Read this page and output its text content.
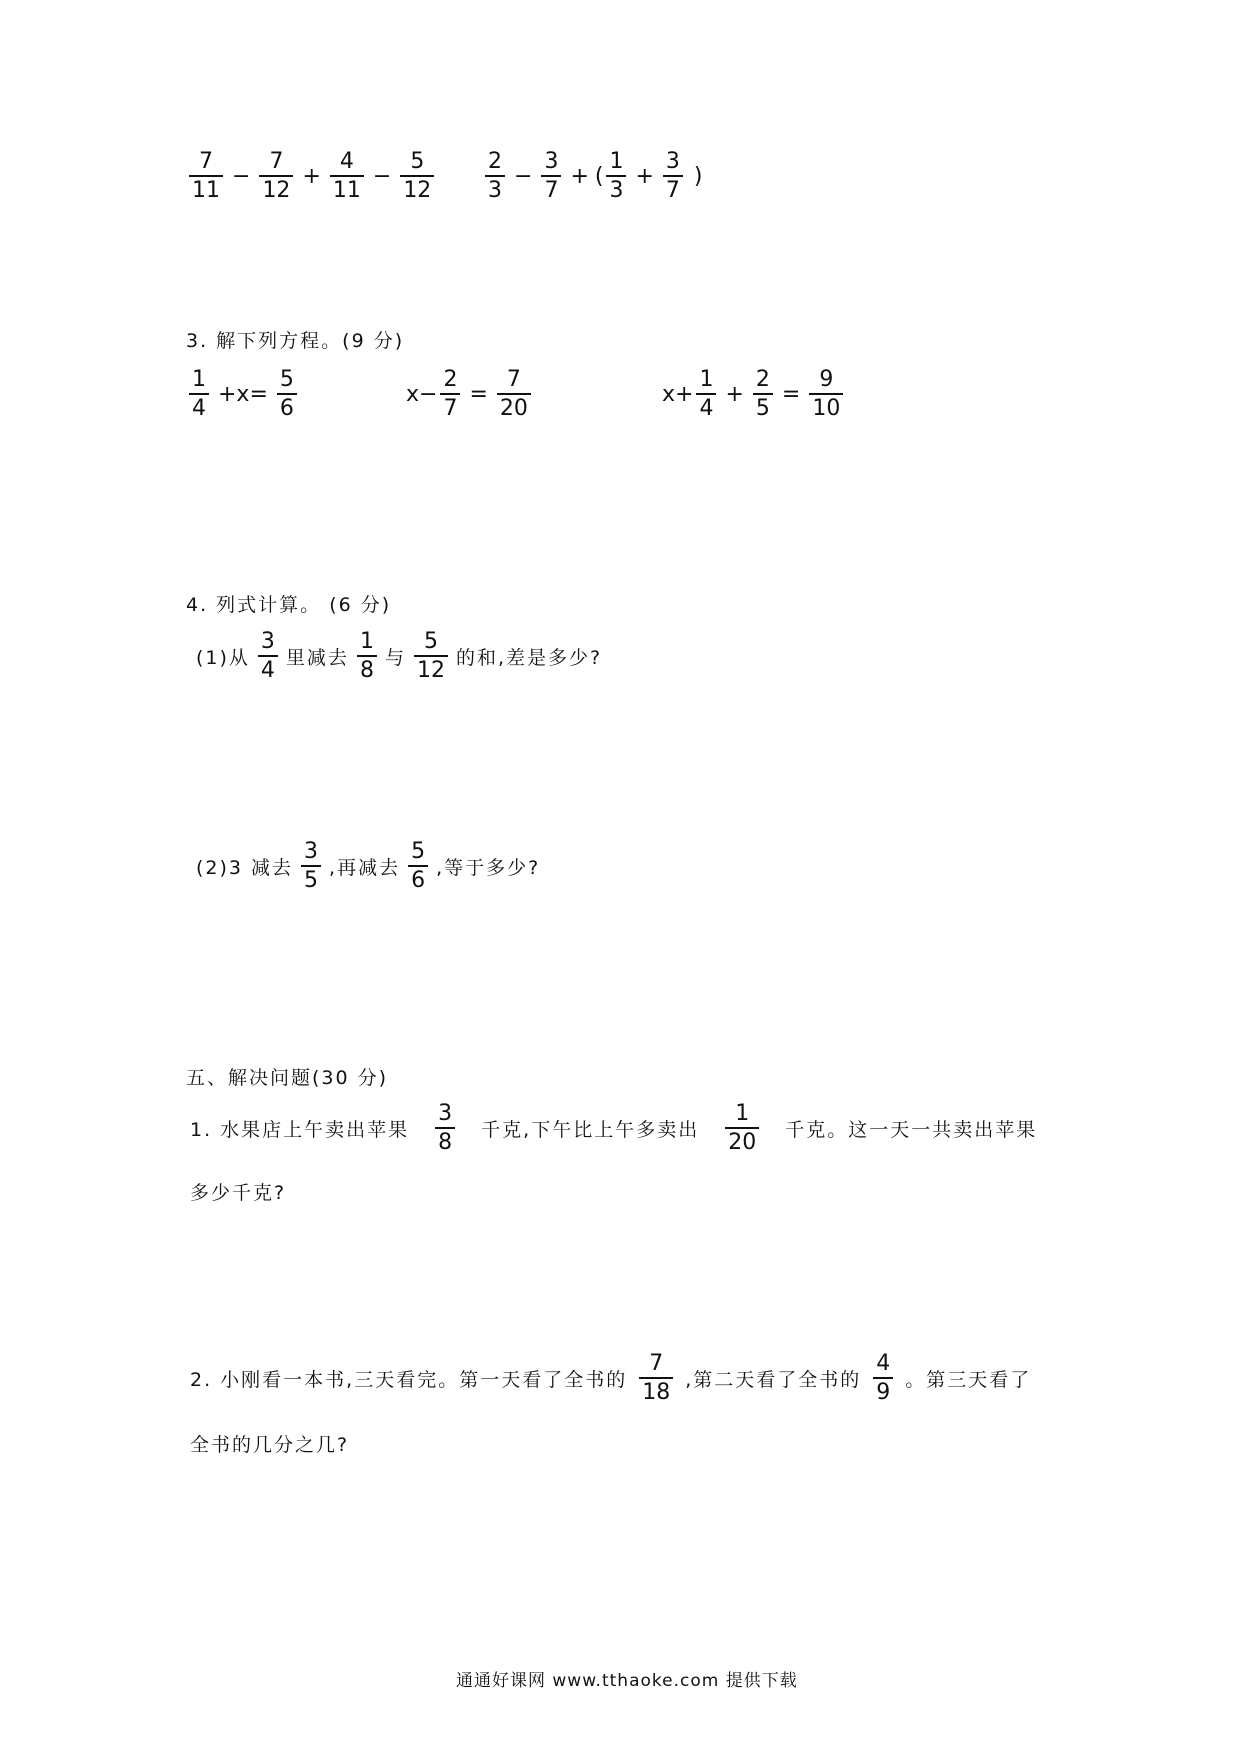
$\frac{7}{11} - \frac{7}{12} + \frac{4}{11} - \frac{5}{12} \frac{2}{3} - \frac{3}{7}$ + ( $\frac{1}{3} + \frac{3}{7}$ )
3. 解下列方程。(9 分)
$\frac{1}{4} +x= \frac{5}{6}$	$x- \frac{2}{7} = \frac{7}{20}$	$x+ \frac{1}{4} + \frac{2}{5} = \frac{9}{10}$
4. 列式计算。 (6 分)
(1)从 $\frac{3}{4}$ 里减去 $\frac{1}{8}$ 与 $\frac{5}{12}$ 的和,差是多少?
(2)3 减去 $\frac{3}{5}$ ,再减去 $\frac{5}{6}$ ,等于多少?
五、解决问题(30 分)
1. 水果店上午卖出苹果 $\frac{3}{8}$ 千克,下午比上午多卖出 $\frac{1}{20}$ 千克。这一天一共卖出苹果
多少千克?
2. 小刚看一本书,三天看完。第一天看了全书的 $\frac{7}{18}$ ,第二天看了全书的 $\frac{4}{9}$ 。第三天看了
全书的几分之几?
通通好课网 www.tthaoke.com 提供下载
